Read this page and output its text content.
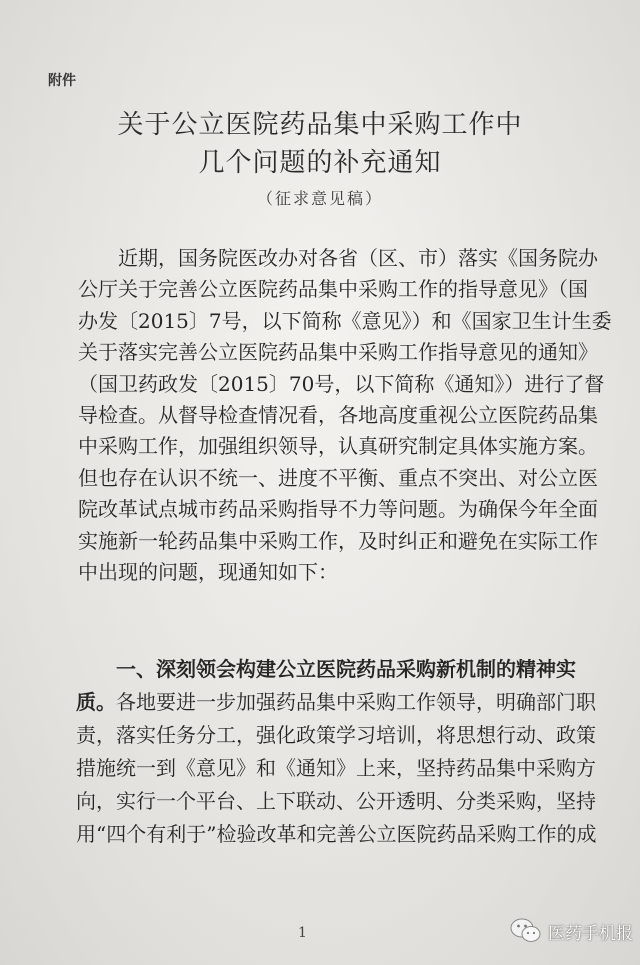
附件
关于公立医院药品集中采购工作中
几个问题的补充通知
（征求意见稿）
近期，国务院医改办对各省（区、市）落实《国务院办
公厅关于完善公立医院药品集中采购工作的指导意见》（国
办发〔2015〕7号，以下简称《意见》）和《国家卫生计生委
关于落实完善公立医院药品集中采购工作指导意见的通知》
（国卫药政发〔2015〕70号，以下简称《通知》）进行了督
导检查。从督导检查情况看，各地高度重视公立医院药品集
中采购工作，加强组织领导，认真研究制定具体实施方案。
但也存在认识不统一、进度不平衡、重点不突出、对公立医
院改革试点城市药品采购指导不力等问题。为确保今年全面
实施新一轮药品集中采购工作，及时纠正和避免在实际工作
中出现的问题，现通知如下：
一、深刻领会构建公立医院药品采购新机制的精神实
质。各地要进一步加强药品集中采购工作领导，明确部门职
责，落实任务分工，强化政策学习培训，将思想行动、政策
措施统一到《意见》和《通知》上来，坚持药品集中采购方
向，实行一个平台、上下联动、公开透明、分类采购，坚持
用“四个有利于”检验改革和完善公立医院药品采购工作的成
1	医药手机报
